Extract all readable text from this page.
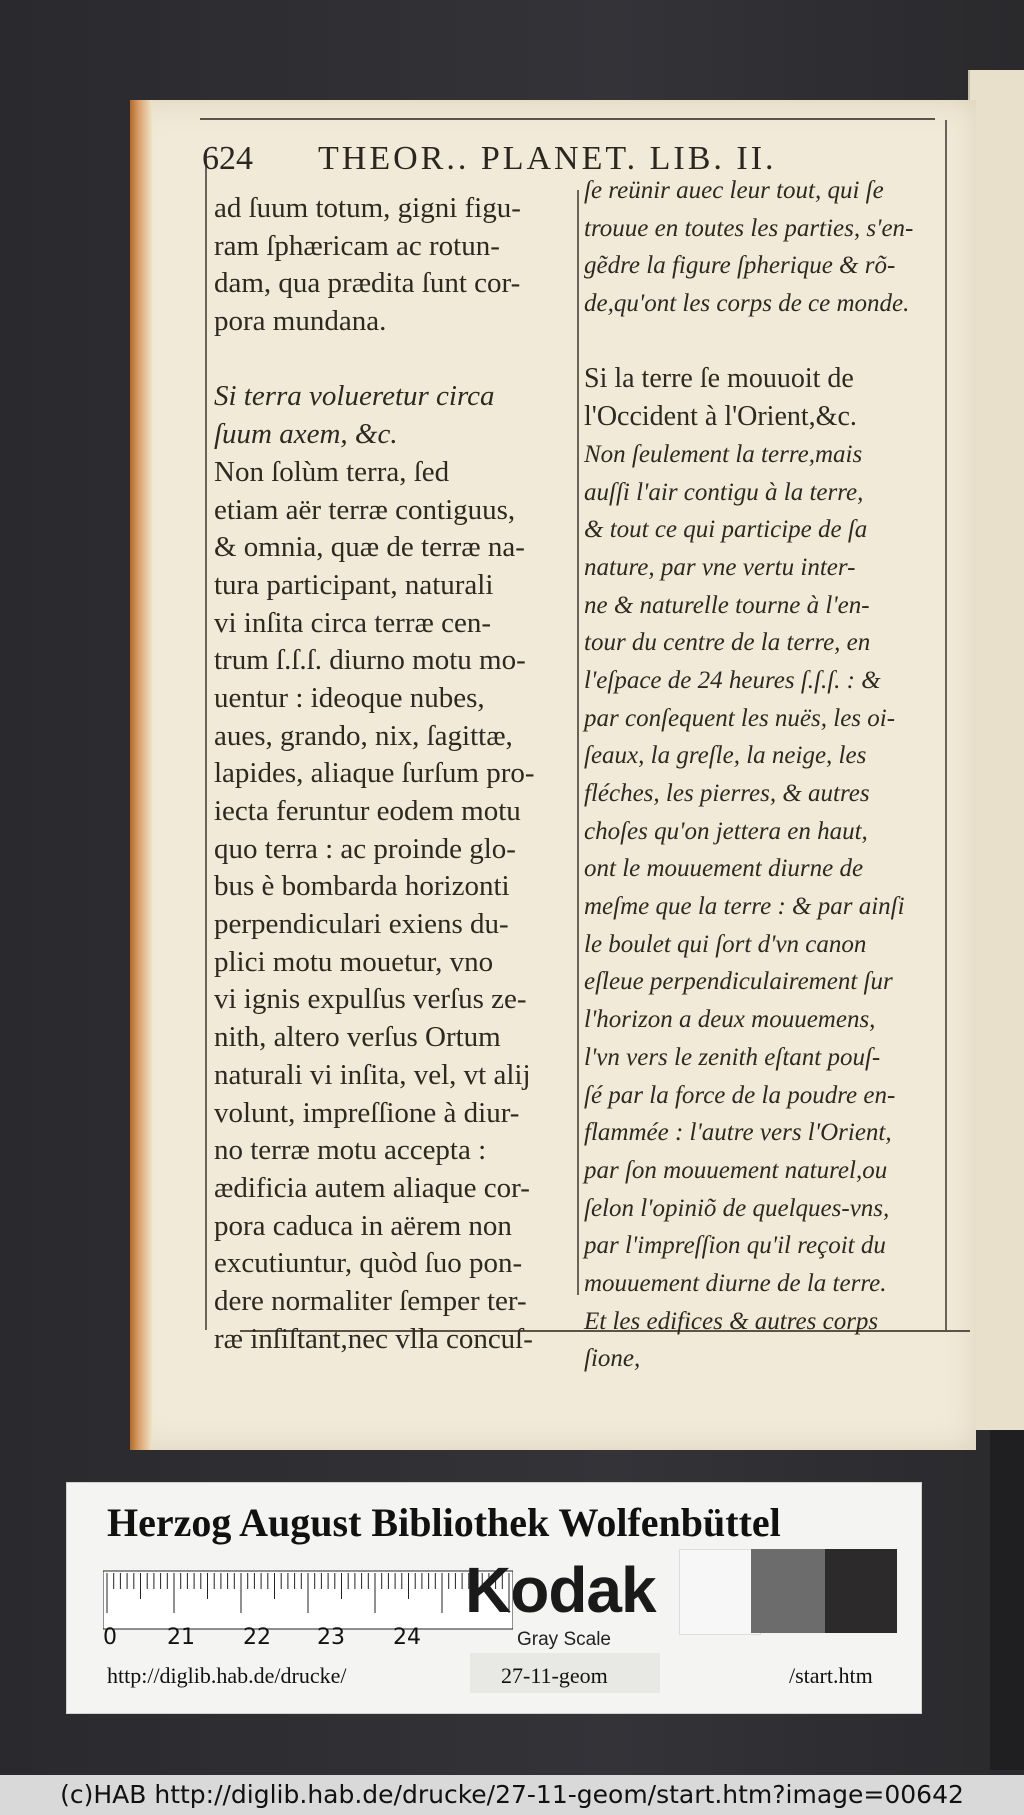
624 THEOR.. PLANET. LIB. II.
ad ſuum totum, gigni figu-
ram ſphæricam ac rotun-
dam, qua prædita ſunt cor-
pora mundana.

Si terra volueretur circa
ſuum axem, &c.
Non ſolùm terra, ſed
etiam aër terræ contiguus,
& omnia, quæ de terræ na-
tura participant, naturali
vi inſita circa terræ cen-
trum ſ.ſ.ſ. diurno motu mo-
uentur : ideoque nubes,
aues, grando, nix, ſagittæ,
lapides, aliaque ſurſum pro-
iecta feruntur eodem motu
quo terra : ac proinde glo-
bus è bombarda horizonti
perpendiculari exiens du-
plici motu mouetur, vno
vi ignis expulſus verſus ze-
nith, altero verſus Ortum
naturali vi inſita, vel, vt alij
volunt, impreſſione à diur-
no terræ motu accepta :
ædificia autem aliaque cor-
pora caduca in aërem non
excutiuntur, quòd ſuo pon-
dere normaliter ſemper ter-
ræ inſiſtant,nec vlla concuſ-
ſe reünir auec leur tout, qui ſe
trouue en toutes les parties, s'en-
gẽdre la figure ſpherique & rõ-
de,qu'ont les corps de ce monde.

Si la terre ſe mouuoit de
l'Occident à l'Orient,&c.
Non ſeulement la terre,mais
auſſi l'air contigu à la terre,
& tout ce qui participe de ſa
nature, par vne vertu inter-
ne & naturelle tourne à l'en-
tour du centre de la terre, en
l'eſpace de 24 heures ſ.ſ.ſ. : &
par conſequent les nuës, les oi-
ſeaux, la greſle, la neige, les
fléches, les pierres, & autres
choſes qu'on jettera en haut,
ont le mouuement diurne de
meſme que la terre : & par ainſi
le boulet qui ſort d'vn canon
eſleue perpendiculairement ſur
l'horizon a deux mouuemens,
l'vn vers le zenith eſtant pouſ-
ſé par la force de la poudre en-
flammée : l'autre vers l'Orient,
par ſon mouuement naturel,ou
ſelon l'opiniõ de quelques-vns,
par l'impreſſion qu'il reçoit du
mouuement diurne de la terre.
Et les edifices & autres corps
ſione,
Herzog August Bibliothek Wolfenbüttel
0 21 22 23 24
Kodak
Gray Scale
http://diglib.hab.de/drucke/	27-11-geom	/start.htm
(c)HAB http://diglib.hab.de/drucke/27-11-geom/start.htm?image=00642
